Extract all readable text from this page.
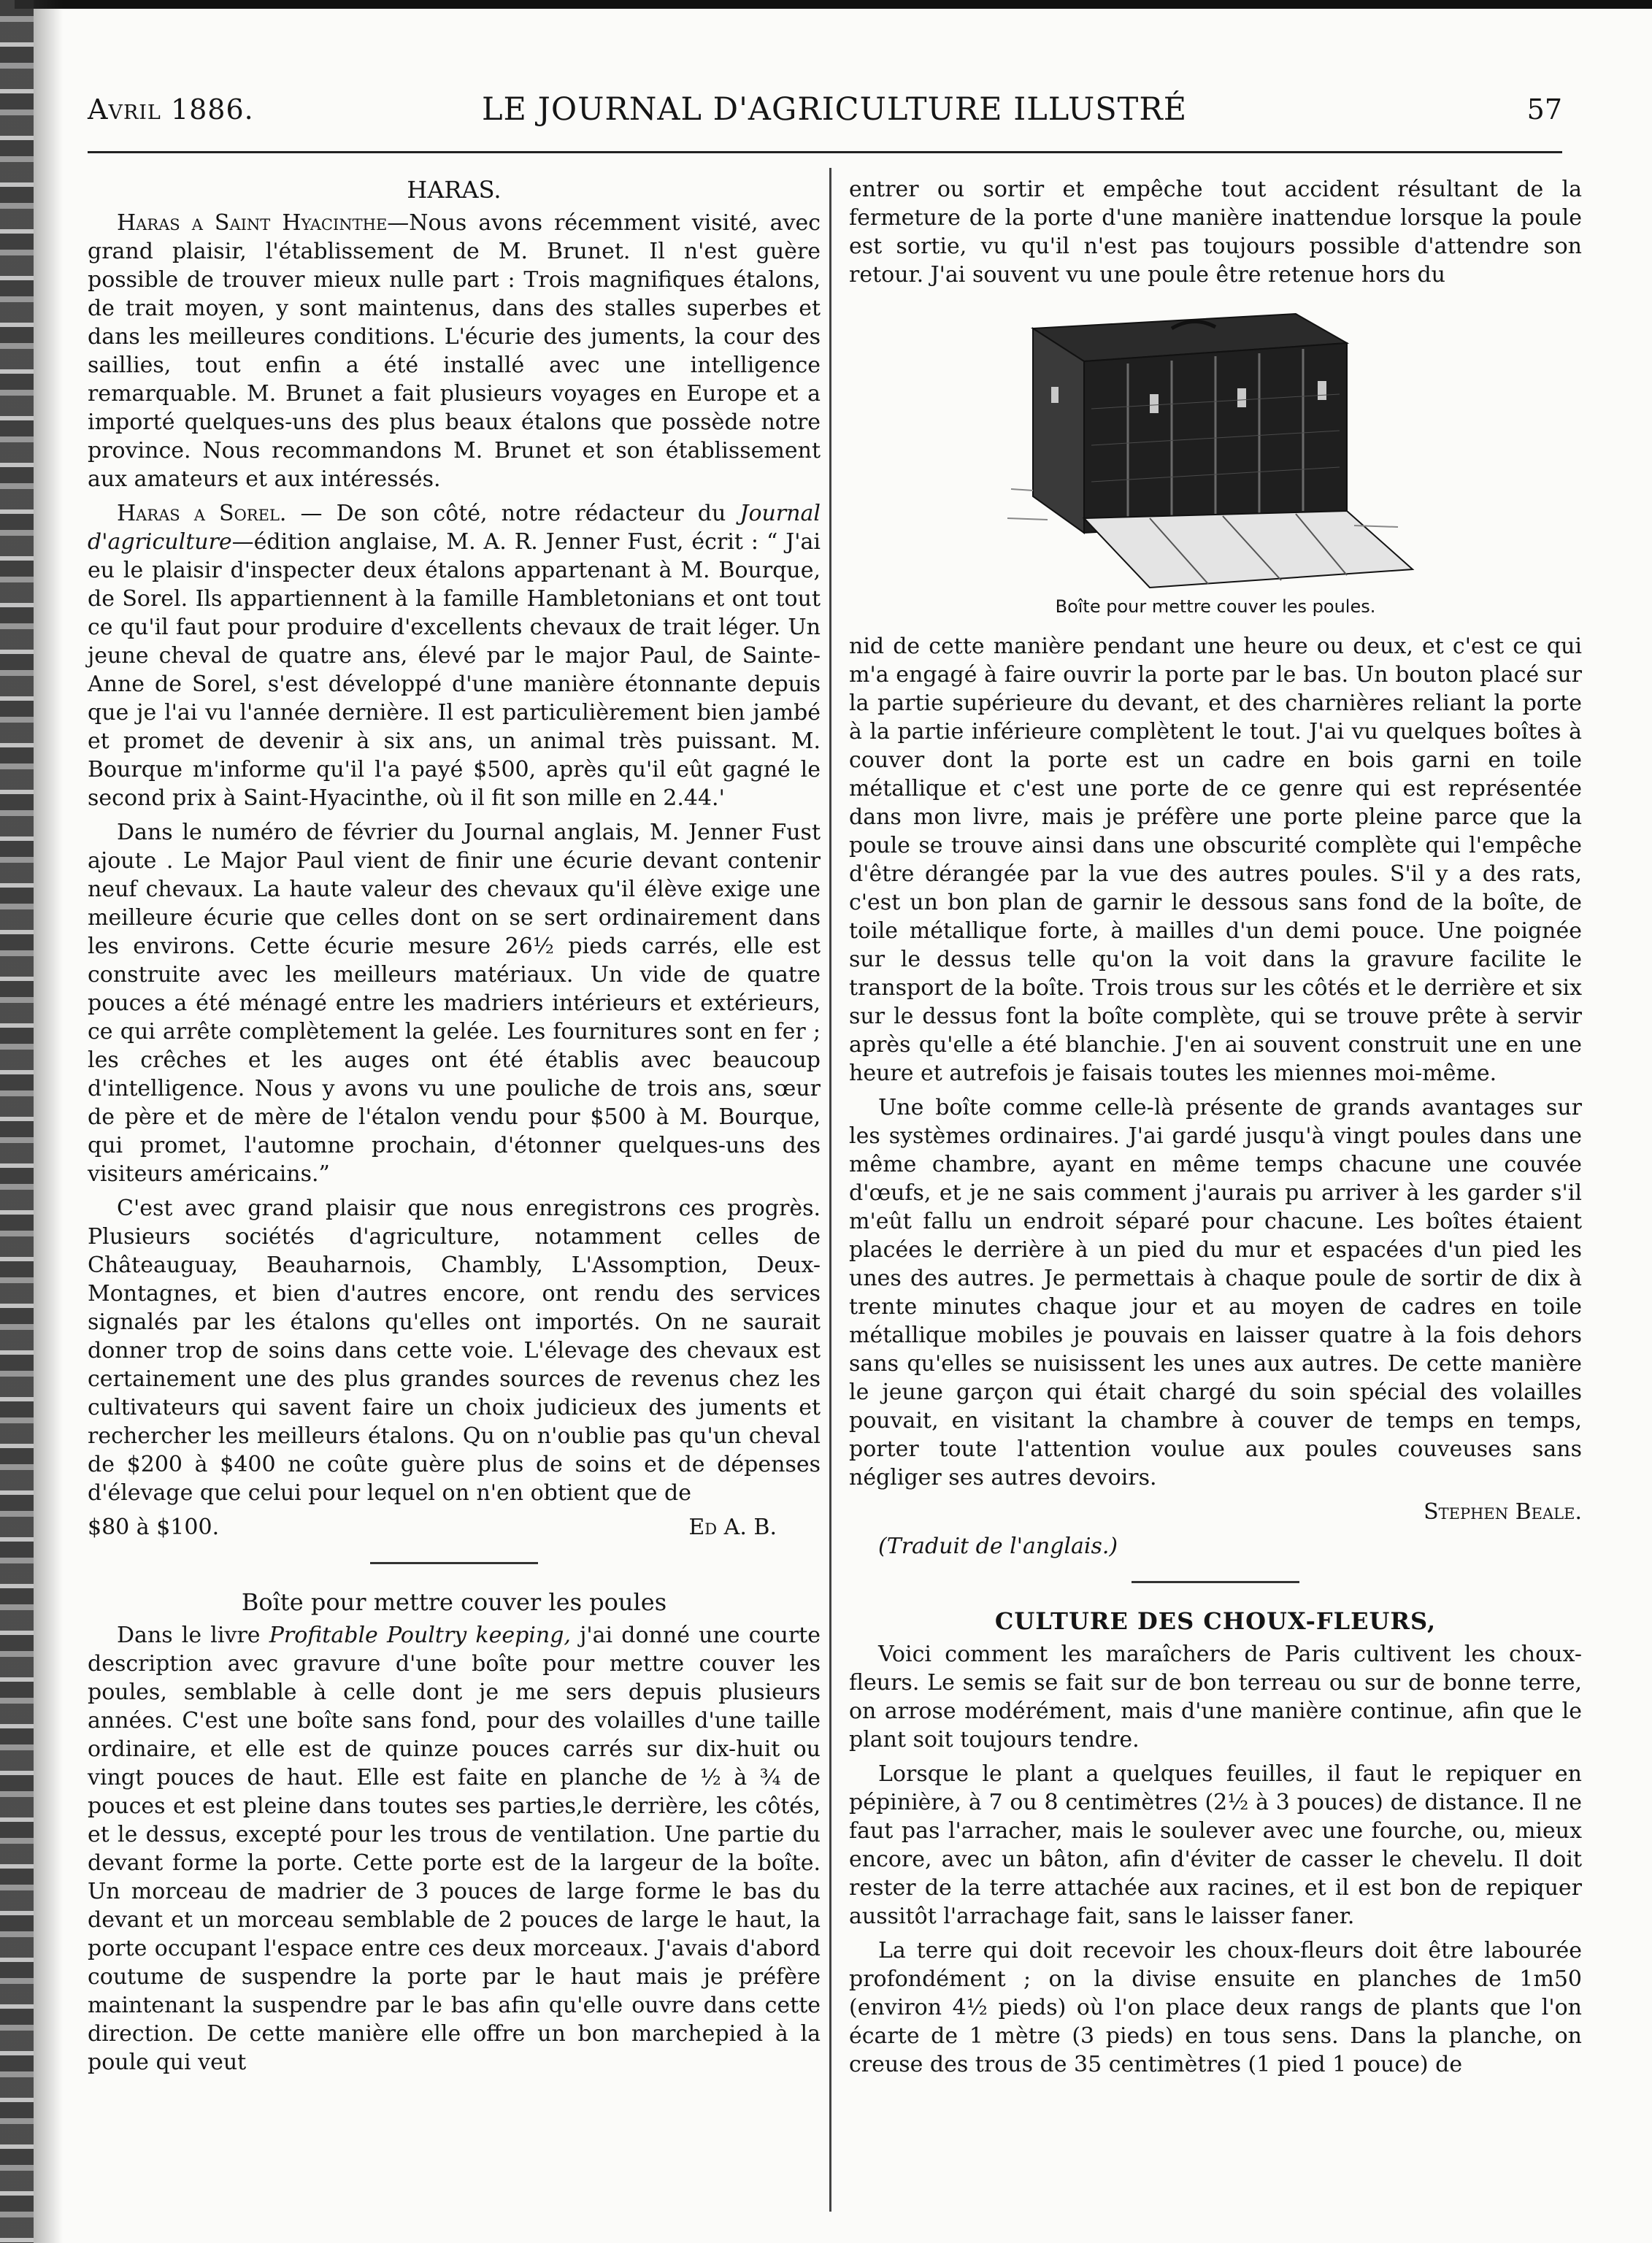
Avril 1886.	LE JOURNAL D'AGRICULTURE ILLUSTRÉ	57
HARAS.

Haras a Saint Hyacinthe—Nous avons récemment visité, avec grand plaisir, l'établissement de M. Brunet. Il n'est guère possible de trouver mieux nulle part : Trois magnifiques étalons, de trait moyen, y sont maintenus, dans des stalles superbes et dans les meilleures conditions. L'écurie des juments, la cour des saillies, tout enfin a été installé avec une intelligence remarquable. M. Brunet a fait plusieurs voyages en Europe et a importé quelques-uns des plus beaux étalons que possède notre province. Nous recommandons M. Brunet et son établissement aux amateurs et aux intéressés.

Haras a Sorel. — De son côté, notre rédacteur du Journal d'agriculture—édition anglaise, M. A. R. Jenner Fust, écrit : “ J'ai eu le plaisir d'inspecter deux étalons appartenant à M. Bourque, de Sorel. Ils appartiennent à la famille Hambletonians et ont tout ce qu'il faut pour produire d'excellents chevaux de trait léger. Un jeune cheval de quatre ans, élevé par le major Paul, de Sainte-Anne de Sorel, s'est développé d'une manière étonnante depuis que je l'ai vu l'année dernière. Il est particulièrement bien jambé et promet de devenir à six ans, un animal très puissant. M. Bourque m'informe qu'il l'a payé $500, après qu'il eût gagné le second prix à Saint-Hyacinthe, où il fit son mille en 2.44.'

Dans le numéro de février du Journal anglais, M. Jenner Fust ajoute . Le Major Paul vient de finir une écurie devant contenir neuf chevaux. La haute valeur des chevaux qu'il élève exige une meilleure écurie que celles dont on se sert ordinairement dans les environs. Cette écurie mesure 26½ pieds carrés, elle est construite avec les meilleurs matériaux. Un vide de quatre pouces a été ménagé entre les madriers intérieurs et extérieurs, ce qui arrête complètement la gelée. Les fournitures sont en fer ; les crêches et les auges ont été établis avec beaucoup d'intelligence. Nous y avons vu une pouliche de trois ans, sœur de père et de mère de l'étalon vendu pour $500 à M. Bourque, qui promet, l'automne prochain, d'étonner quelques-uns des visiteurs américains.”

C'est avec grand plaisir que nous enregistrons ces progrès. Plusieurs sociétés d'agriculture, notamment celles de Châteauguay, Beauharnois, Chambly, L'Assomption, Deux-Montagnes, et bien d'autres encore, ont rendu des services signalés par les étalons qu'elles ont importés. On ne saurait donner trop de soins dans cette voie. L'élevage des chevaux est certainement une des plus grandes sources de revenus chez les cultivateurs qui savent faire un choix judicieux des juments et rechercher les meilleurs étalons. Qu on n'oublie pas qu'un cheval de $200 à $400 ne coûte guère plus de soins et de dépenses d'élevage que celui pour lequel on n'en obtient que de

$80 à $100.	Ed A. B.

Boîte pour mettre couver les poules

Dans le livre Profitable Poultry keeping, j'ai donné une courte description avec gravure d'une boîte pour mettre couver les poules, semblable à celle dont je me sers depuis plusieurs années. C'est une boîte sans fond, pour des volailles d'une taille ordinaire, et elle est de quinze pouces carrés sur dix-huit ou vingt pouces de haut. Elle est faite en planche de ½ à ¾ de pouces et est pleine dans toutes ses parties,le derrière, les côtés, et le dessus, excepté pour les trous de ventilation. Une partie du devant forme la porte. Cette porte est de la largeur de la boîte. Un morceau de madrier de 3 pouces de large forme le bas du devant et un morceau semblable de 2 pouces de large le haut, la porte occupant l'espace entre ces deux morceaux. J'avais d'abord coutume de suspendre la porte par le haut mais je préfère maintenant la suspendre par le bas afin qu'elle ouvre dans cette direction. De cette manière elle offre un bon marchepied à la poule qui veut

entrer ou sortir et empêche tout accident résultant de la fermeture de la porte d'une manière inattendue lorsque la poule est sortie, vu qu'il n'est pas toujours possible d'attendre son retour. J'ai souvent vu une poule être retenue hors du

Boîte pour mettre couver les poules.

nid de cette manière pendant une heure ou deux, et c'est ce qui m'a engagé à faire ouvrir la porte par le bas. Un bouton placé sur la partie supérieure du devant, et des charnières reliant la porte à la partie inférieure complètent le tout. J'ai vu quelques boîtes à couver dont la porte est un cadre en bois garni en toile métallique et c'est une porte de ce genre qui est représentée dans mon livre, mais je préfère une porte pleine parce que la poule se trouve ainsi dans une obscurité complète qui l'empêche d'être dérangée par la vue des autres poules. S'il y a des rats, c'est un bon plan de garnir le dessous sans fond de la boîte, de toile métallique forte, à mailles d'un demi pouce. Une poignée sur le dessus telle qu'on la voit dans la gravure facilite le transport de la boîte. Trois trous sur les côtés et le derrière et six sur le dessus font la boîte complète, qui se trouve prête à servir après qu'elle a été blanchie. J'en ai souvent construit une en une heure et autrefois je faisais toutes les miennes moi-même.

Une boîte comme celle-là présente de grands avantages sur les systèmes ordinaires. J'ai gardé jusqu'à vingt poules dans une même chambre, ayant en même temps chacune une couvée d'œufs, et je ne sais comment j'aurais pu arriver à les garder s'il m'eût fallu un endroit séparé pour chacune. Les boîtes étaient placées le derrière à un pied du mur et espacées d'un pied les unes des autres. Je permettais à chaque poule de sortir de dix à trente minutes chaque jour et au moyen de cadres en toile métallique mobiles je pouvais en laisser quatre à la fois dehors sans qu'elles se nuisissent les unes aux autres. De cette manière le jeune garçon qui était chargé du soin spécial des volailles pouvait, en visitant la chambre à couver de temps en temps, porter toute l'attention voulue aux poules couveuses sans négliger ses autres devoirs.

Stephen Beale.

(Traduit de l'anglais.)

CULTURE DES CHOUX-FLEURS,

Voici comment les maraîchers de Paris cultivent les choux-fleurs. Le semis se fait sur de bon terreau ou sur de bonne terre, on arrose modérément, mais d'une manière continue, afin que le plant soit toujours tendre.

Lorsque le plant a quelques feuilles, il faut le repiquer en pépinière, à 7 ou 8 centimètres (2½ à 3 pouces) de distance. Il ne faut pas l'arracher, mais le soulever avec une fourche, ou, mieux encore, avec un bâton, afin d'éviter de casser le chevelu. Il doit rester de la terre attachée aux racines, et il est bon de repiquer aussitôt l'arrachage fait, sans le laisser faner.

La terre qui doit recevoir les choux-fleurs doit être labourée profondément ; on la divise ensuite en planches de 1m50 (environ 4½ pieds) où l'on place deux rangs de plants que l'on écarte de 1 mètre (3 pieds) en tous sens. Dans la planche, on creuse des trous de 35 centimètres (1 pied 1 pouce) de
